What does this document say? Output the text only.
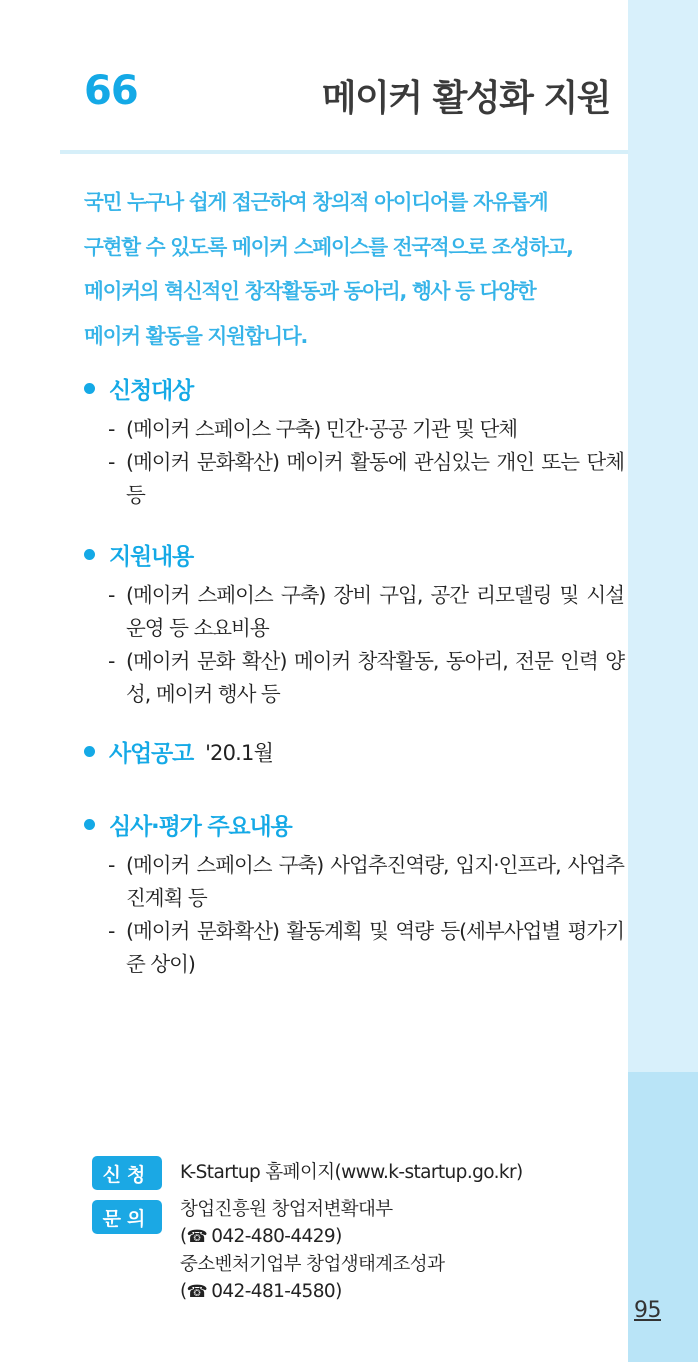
95
66	메이커 활성화 지원

국민 누구나 쉽게 접근하여 창의적 아이디어를 자유롭게
구현할 수 있도록 메이커 스페이스를 전국적으로 조성하고,
메이커의 혁신적인 창작활동과 동아리, 행사 등 다양한
메이커 활동을 지원합니다.

신청대상
- (메이커 스페이스 구축) 민간·공공 기관 및 단체
- (메이커 문화확산) 메이커 활동에 관심있는 개인 또는 단체 등
지원내용
- (메이커 스페이스 구축) 장비 구입, 공간 리모델링 및 시설 운영 등 소요비용
- (메이커 문화 확산) 메이커 창작활동, 동아리, 전문 인력 양성, 메이커 행사 등
사업공고 '20.1월
심사·평가 주요내용
- (메이커 스페이스 구축) 사업추진역량, 입지·인프라, 사업추진계획 등
- (메이커 문화확산) 활동계획 및 역량 등(세부사업별 평가기준 상이)
신청	K-Startup 홈페이지(www.k-startup.go.kr)
문의	창업진흥원 창업저변확대부
(☎ 042-480-4429)
중소벤처기업부 창업생태계조성과
(☎ 042-481-4580)
